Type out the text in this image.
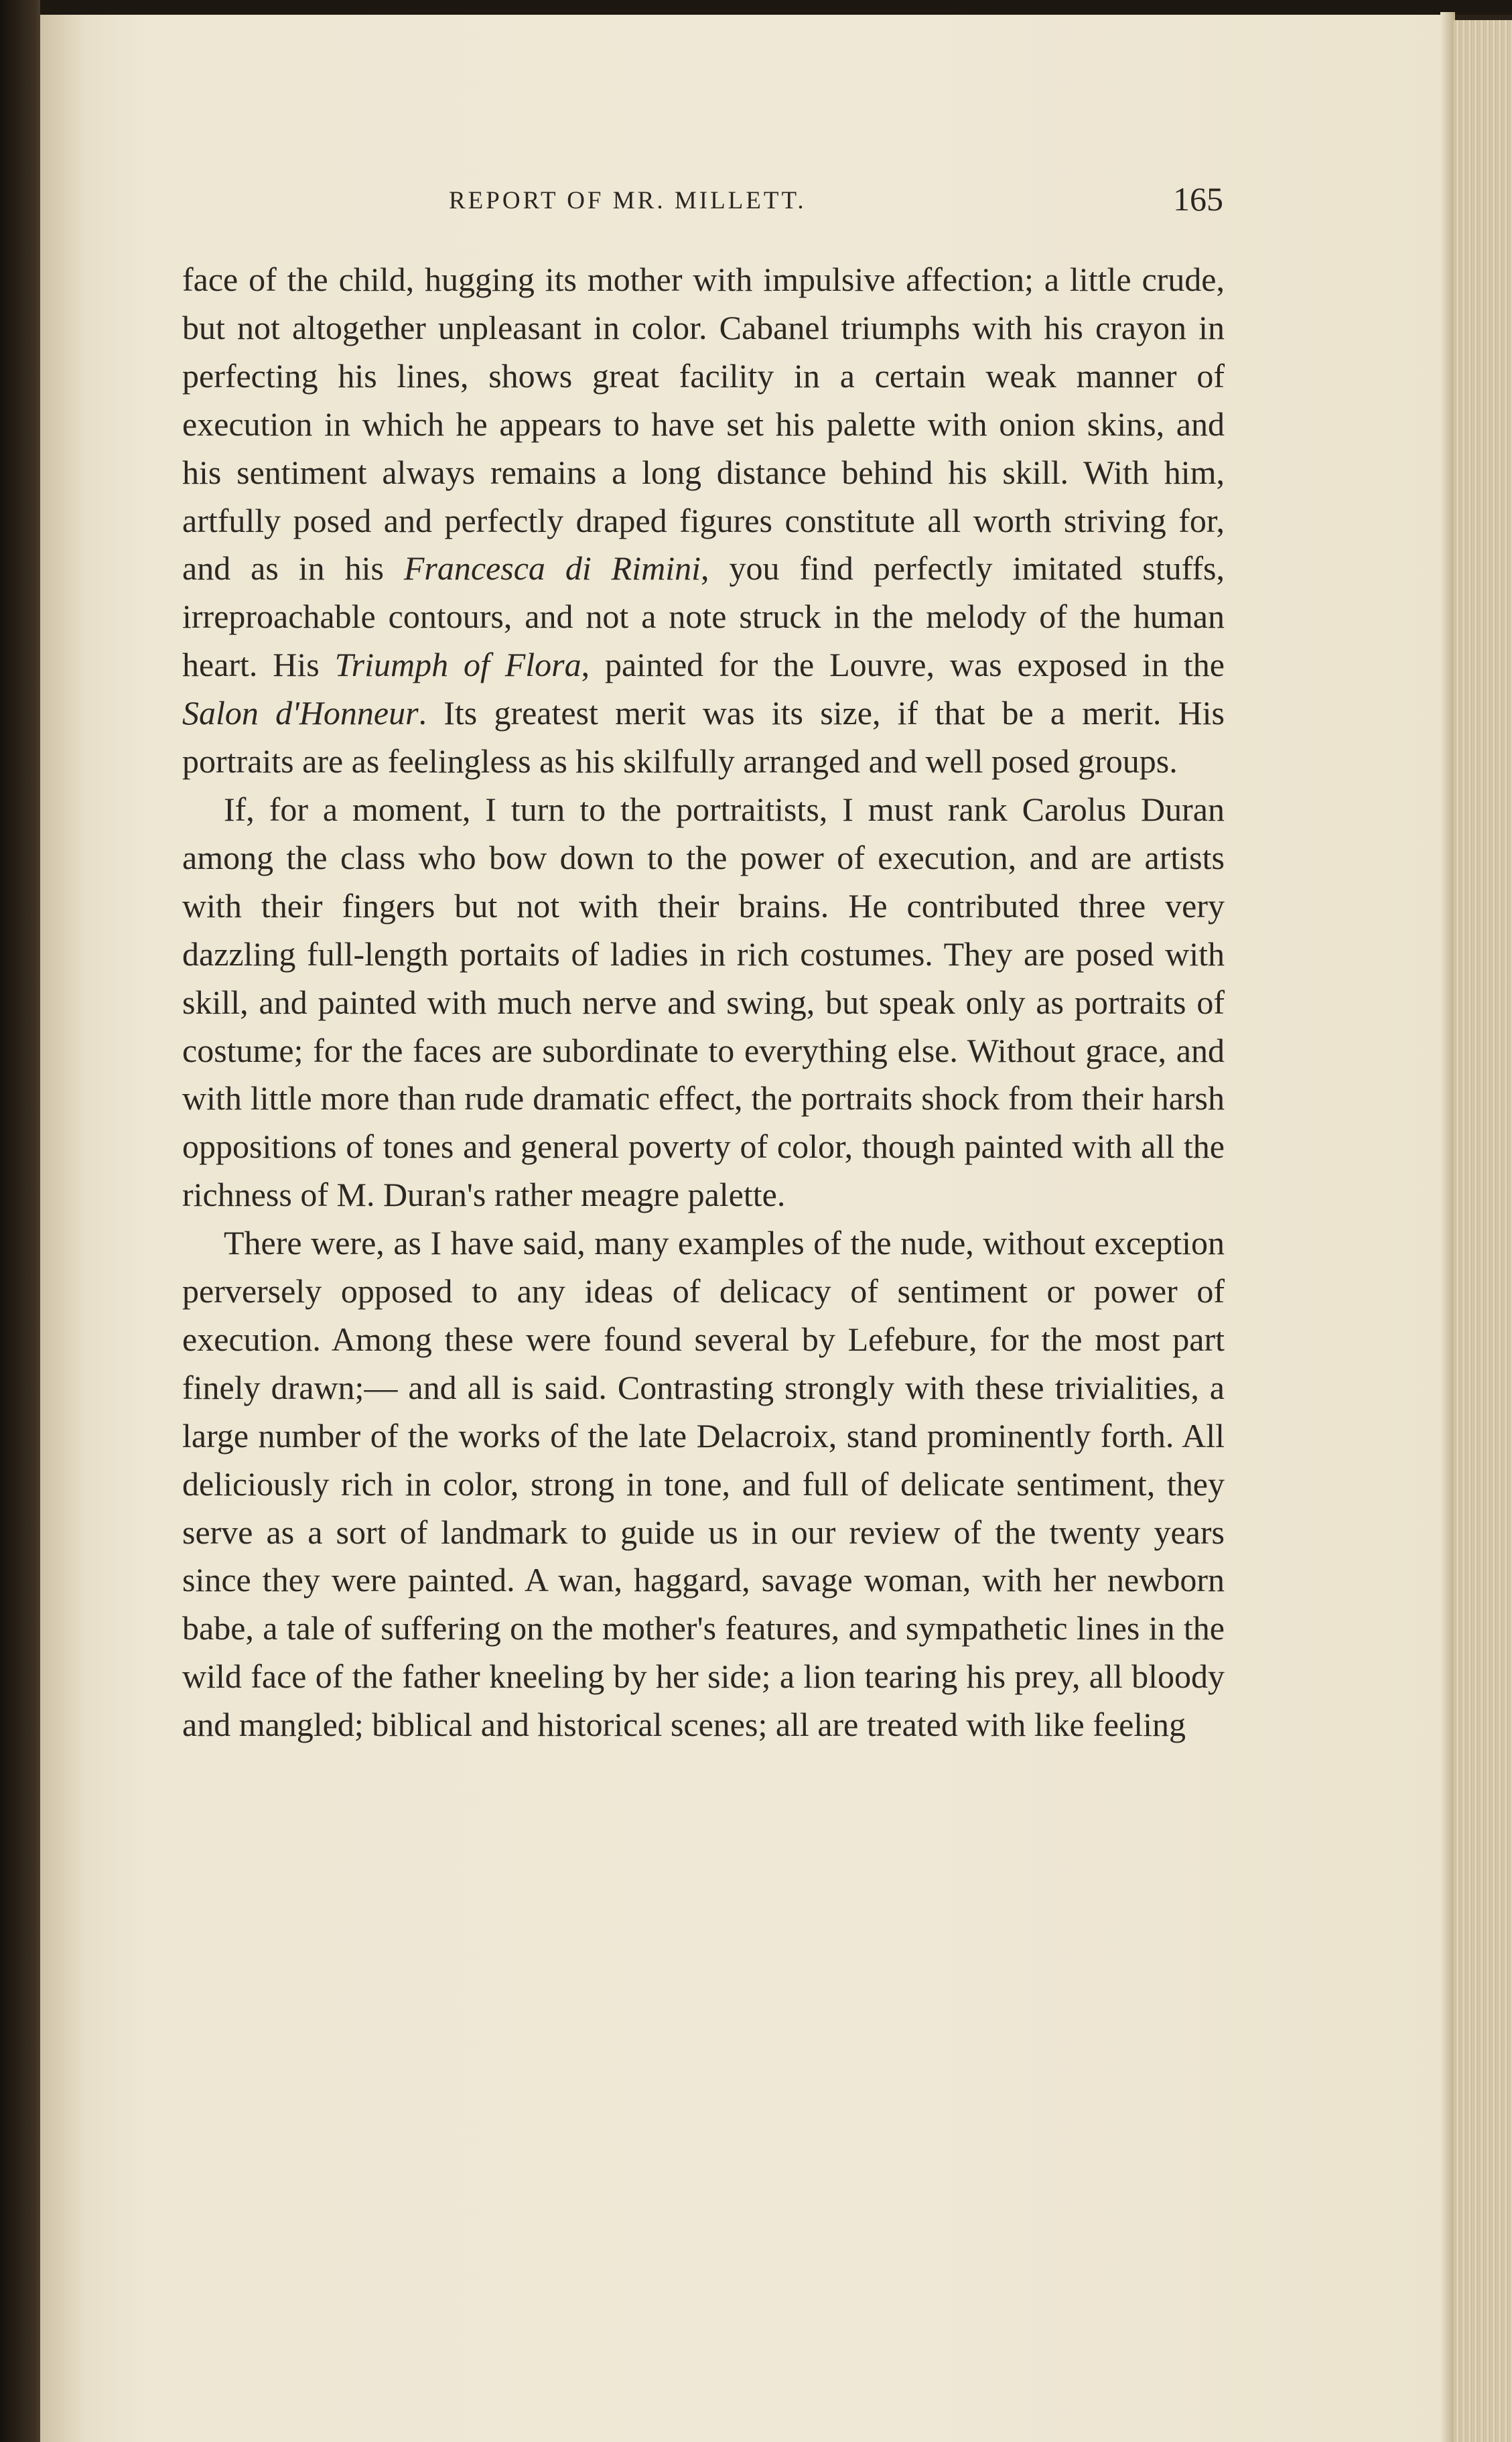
REPORT OF MR. MILLETT.	165

face of the child, hugging its mother with impulsive affection; a little crude, but not altogether unpleasant in color. Cabanel triumphs with his crayon in perfecting his lines, shows great facility in a certain weak manner of execution in which he appears to have set his palette with onion skins, and his sentiment always remains a long distance behind his skill. With him, artfully posed and perfectly draped figures constitute all worth striving for, and as in his Francesca di Rimini, you find perfectly imitated stuffs, irreproachable contours, and not a note struck in the melody of the human heart. His Triumph of Flora, painted for the Louvre, was exposed in the Salon d'Honneur. Its greatest merit was its size, if that be a merit. His portraits are as feelingless as his skilfully arranged and well posed groups.

If, for a moment, I turn to the portraitists, I must rank Carolus Duran among the class who bow down to the power of execution, and are artists with their fingers but not with their brains. He contributed three very dazzling full-length portaits of ladies in rich costumes. They are posed with skill, and painted with much nerve and swing, but speak only as portraits of costume; for the faces are subordinate to everything else. Without grace, and with little more than rude dramatic effect, the portraits shock from their harsh oppositions of tones and general poverty of color, though painted with all the richness of M. Duran's rather meagre palette.

There were, as I have said, many examples of the nude, without exception perversely opposed to any ideas of delicacy of sentiment or power of execution. Among these were found several by Lefebure, for the most part finely drawn;— and all is said. Contrasting strongly with these trivialities, a large number of the works of the late Delacroix, stand prominently forth. All deliciously rich in color, strong in tone, and full of delicate sentiment, they serve as a sort of landmark to guide us in our review of the twenty years since they were painted. A wan, haggard, savage woman, with her newborn babe, a tale of suffering on the mother's features, and sympathetic lines in the wild face of the father kneeling by her side; a lion tearing his prey, all bloody and mangled; biblical and historical scenes; all are treated with like feeling
